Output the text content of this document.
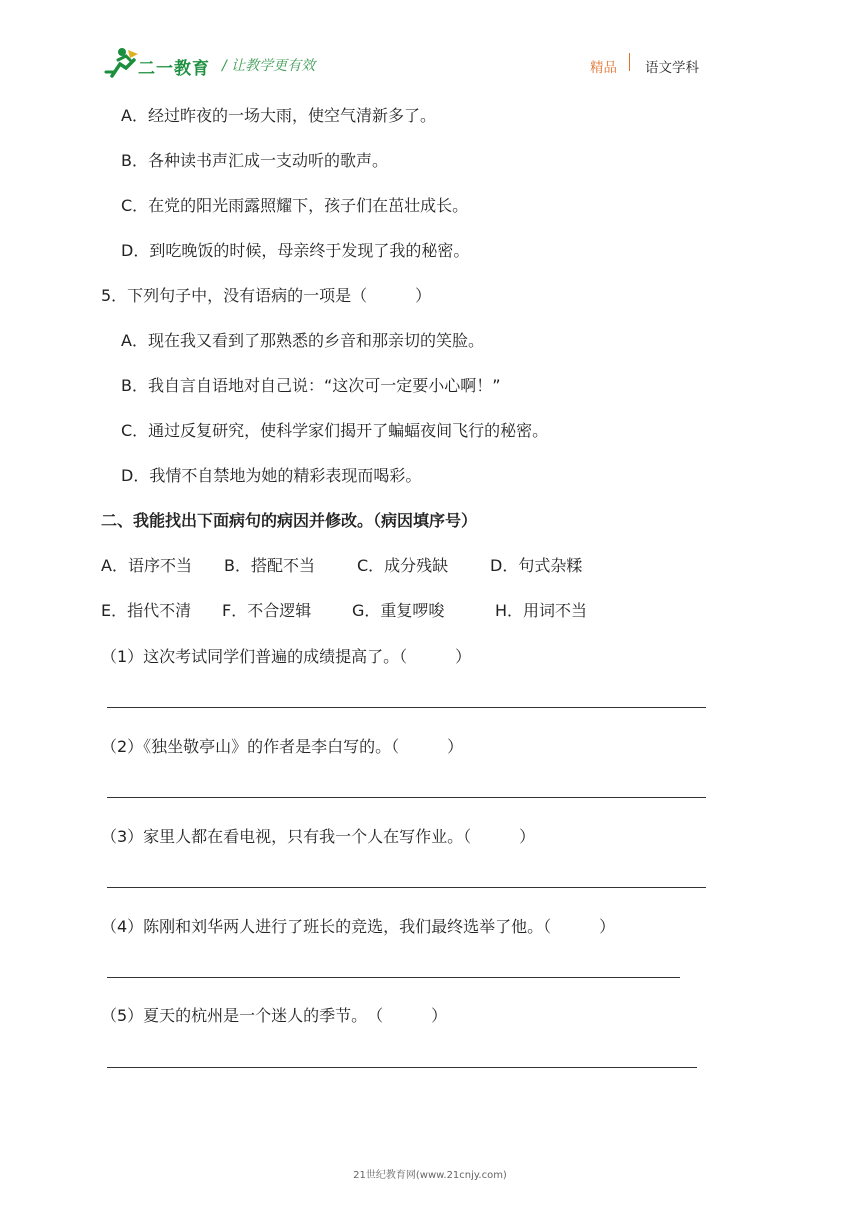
二一教育 / 让教学更有效	精品 语文学科
A．经过昨夜的一场大雨，使空气清新多了。
B．各种读书声汇成一支动听的歌声。
C．在党的阳光雨露照耀下，孩子们在茁壮成长。
D．到吃晚饭的时候，母亲终于发现了我的秘密。
5．下列句子中，没有语病的一项是（　　　）
A．现在我又看到了那熟悉的乡音和那亲切的笑脸。
B．我自言自语地对自己说：“这次可一定要小心啊！”
C．通过反复研究，使科学家们揭开了蝙蝠夜间飞行的秘密。
D．我情不自禁地为她的精彩表现而喝彩。
二、我能找出下面病句的病因并修改。（病因填序号）
A．语序不当 B．搭配不当	C．成分残缺	D．句式杂糅
E．指代不清 F．不合逻辑	G．重复啰唆	H．用词不当
（1）这次考试同学们普遍的成绩提高了。（　　　）
（2）《独坐敬亭山》的作者是李白写的。（　　　）
（3）家里人都在看电视，只有我一个人在写作业。（　　　）
（4）陈刚和刘华两人进行了班长的竞选，我们最终选举了他。（　　　）
（5）夏天的杭州是一个迷人的季节。　（　　　）
21世纪教育网(www.21cnjy.com)
